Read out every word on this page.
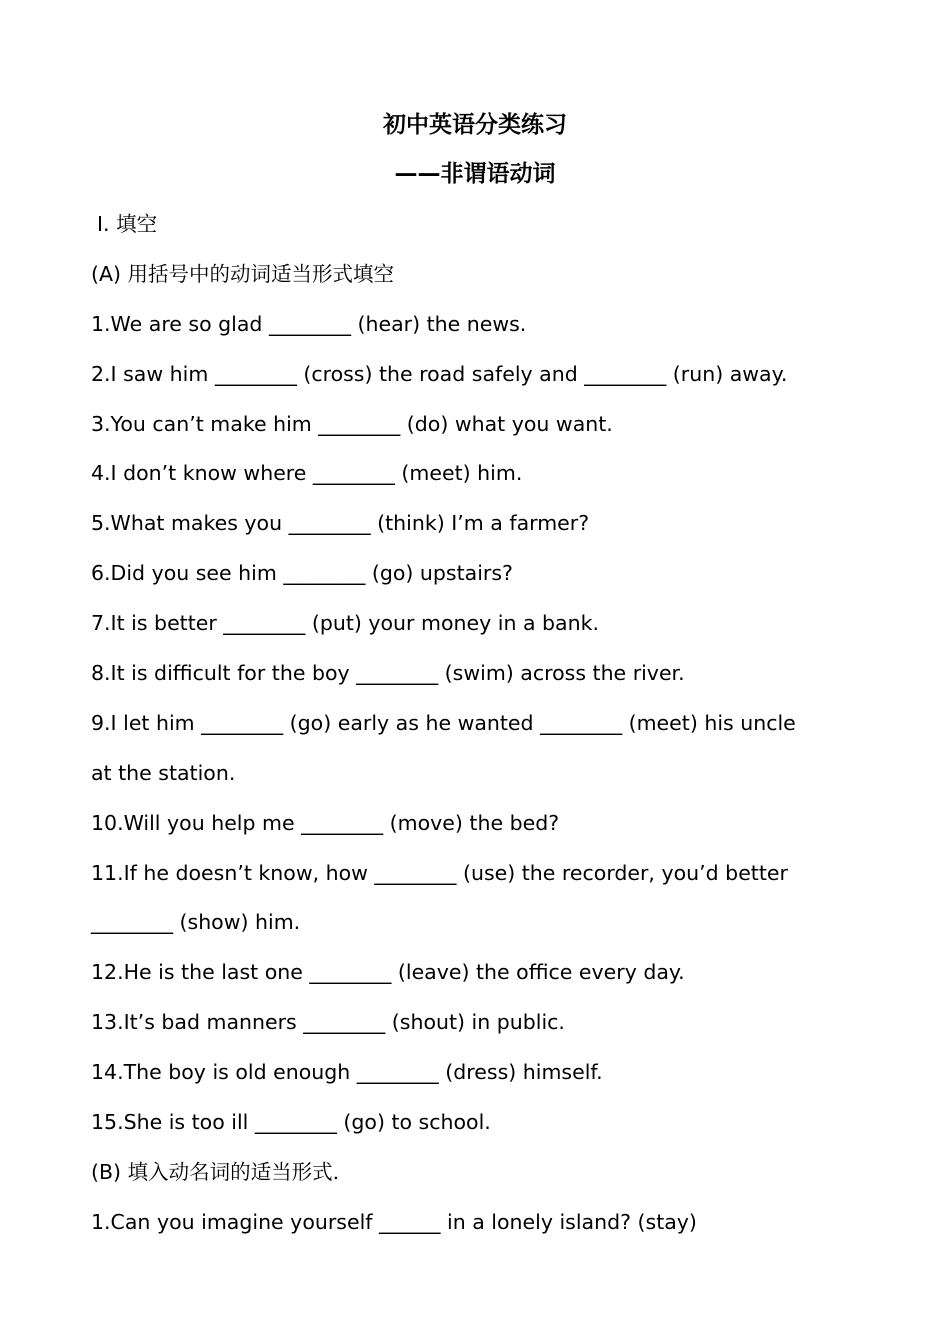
初中英语分类练习
——非谓语动词
Ⅰ. 填空
(A) 用括号中的动词适当形式填空
1.We are so glad ________ (hear) the news.
2.I saw him ________ (cross) the road safely and ________ (run) away.
3.You can’t make him ________ (do) what you want.
4.I don’t know where ________ (meet) him.
5.What makes you ________ (think) I’m a farmer?
6.Did you see him ________ (go) upstairs?
7.It is better ________ (put) your money in a bank.
8.It is difficult for the boy ________ (swim) across the river.
9.I let him ________ (go) early as he wanted ________ (meet) his uncle
at the station.
10.Will you help me ________ (move) the bed?
11.If he doesn’t know, how ________ (use) the recorder, you’d better
________ (show) him.
12.He is the last one ________ (leave) the office every day.
13.It’s bad manners ________ (shout) in public.
14.The boy is old enough ________ (dress) himself.
15.She is too ill ________ (go) to school.
(B) 填入动名词的适当形式.
1.Can you imagine yourself ______ in a lonely island? (stay)
